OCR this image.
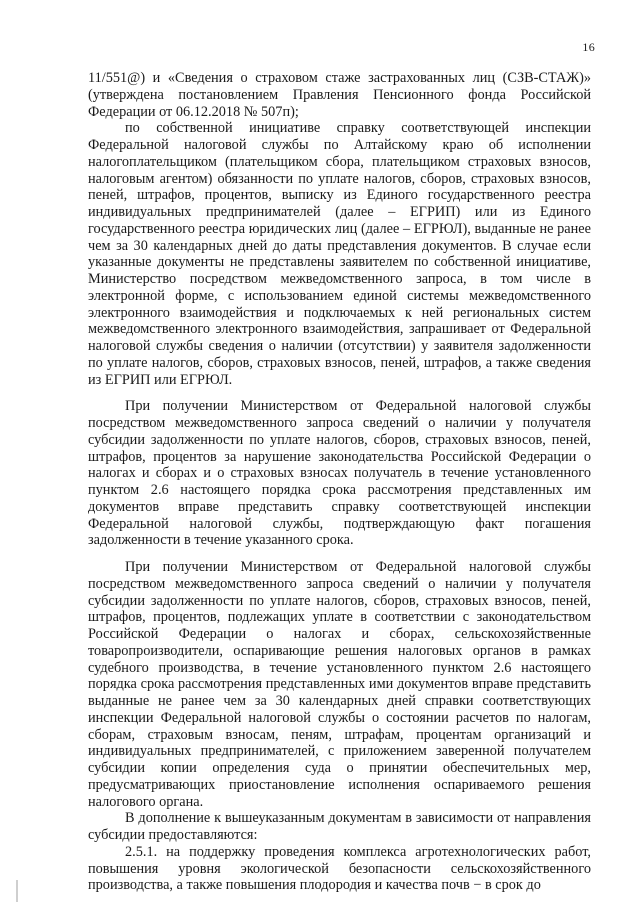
16

11/551@) и «Сведения о страховом стаже застрахованных лиц (СЗВ-СТАЖ)» (утверждена постановлением Правления Пенсионного фонда Российской Федерации от 06.12.2018 № 507п);

по собственной инициативе справку соответствующей инспекции Федеральной налоговой службы по Алтайскому краю об исполнении налогоплательщиком (плательщиком сбора, плательщиком страховых взносов, налоговым агентом) обязанности по уплате налогов, сборов, страховых взносов, пеней, штрафов, процентов, выписку из Единого государственного реестра индивидуальных предпринимателей (далее – ЕГРИП) или из Единого государственного реестра юридических лиц (далее – ЕГРЮЛ), выданные не ранее чем за 30 календарных дней до даты представления документов. В случае если указанные документы не представлены заявителем по собственной инициативе, Министерство посредством межведомственного запроса, в том числе в электронной форме, с использованием единой системы межведомственного электронного взаимодействия и подключаемых к ней региональных систем межведомственного электронного взаимодействия, запрашивает от Федеральной налоговой службы сведения о наличии (отсутствии) у заявителя задолженности по уплате налогов, сборов, страховых взносов, пеней, штрафов, а также сведения из ЕГРИП или ЕГРЮЛ.

При получении Министерством от Федеральной налоговой службы посредством межведомственного запроса сведений о наличии у получателя субсидии задолженности по уплате налогов, сборов, страховых взносов, пеней, штрафов, процентов за нарушение законодательства Российской Федерации о налогах и сборах и о страховых взносах получатель в течение установленного пунктом 2.6 настоящего порядка срока рассмотрения представленных им документов вправе представить справку соответствующей инспекции Федеральной налоговой службы, подтверждающую факт погашения задолженности в течение указанного срока.

При получении Министерством от Федеральной налоговой службы посредством межведомственного запроса сведений о наличии у получателя субсидии задолженности по уплате налогов, сборов, страховых взносов, пеней, штрафов, процентов, подлежащих уплате в соответствии с законодательством Российской Федерации о налогах и сборах, сельскохозяйственные товаропроизводители, оспаривающие решения налоговых органов в рамках судебного производства, в течение установленного пунктом 2.6 настоящего порядка срока рассмотрения представленных ими документов вправе представить выданные не ранее чем за 30 календарных дней справки соответствующих инспекции Федеральной налоговой службы о состоянии расчетов по налогам, сборам, страховым взносам, пеням, штрафам, процентам организаций и индивидуальных предпринимателей, с приложением заверенной получателем субсидии копии определения суда о принятии обеспечительных мер, предусматривающих приостановление исполнения оспариваемого решения налогового органа.

В дополнение к вышеуказанным документам в зависимости от направления субсидии предоставляются:

2.5.1. на поддержку проведения комплекса агротехнологических работ, повышения уровня экологической безопасности сельскохозяйственного производства, а также повышения плодородия и качества почв − в срок до
